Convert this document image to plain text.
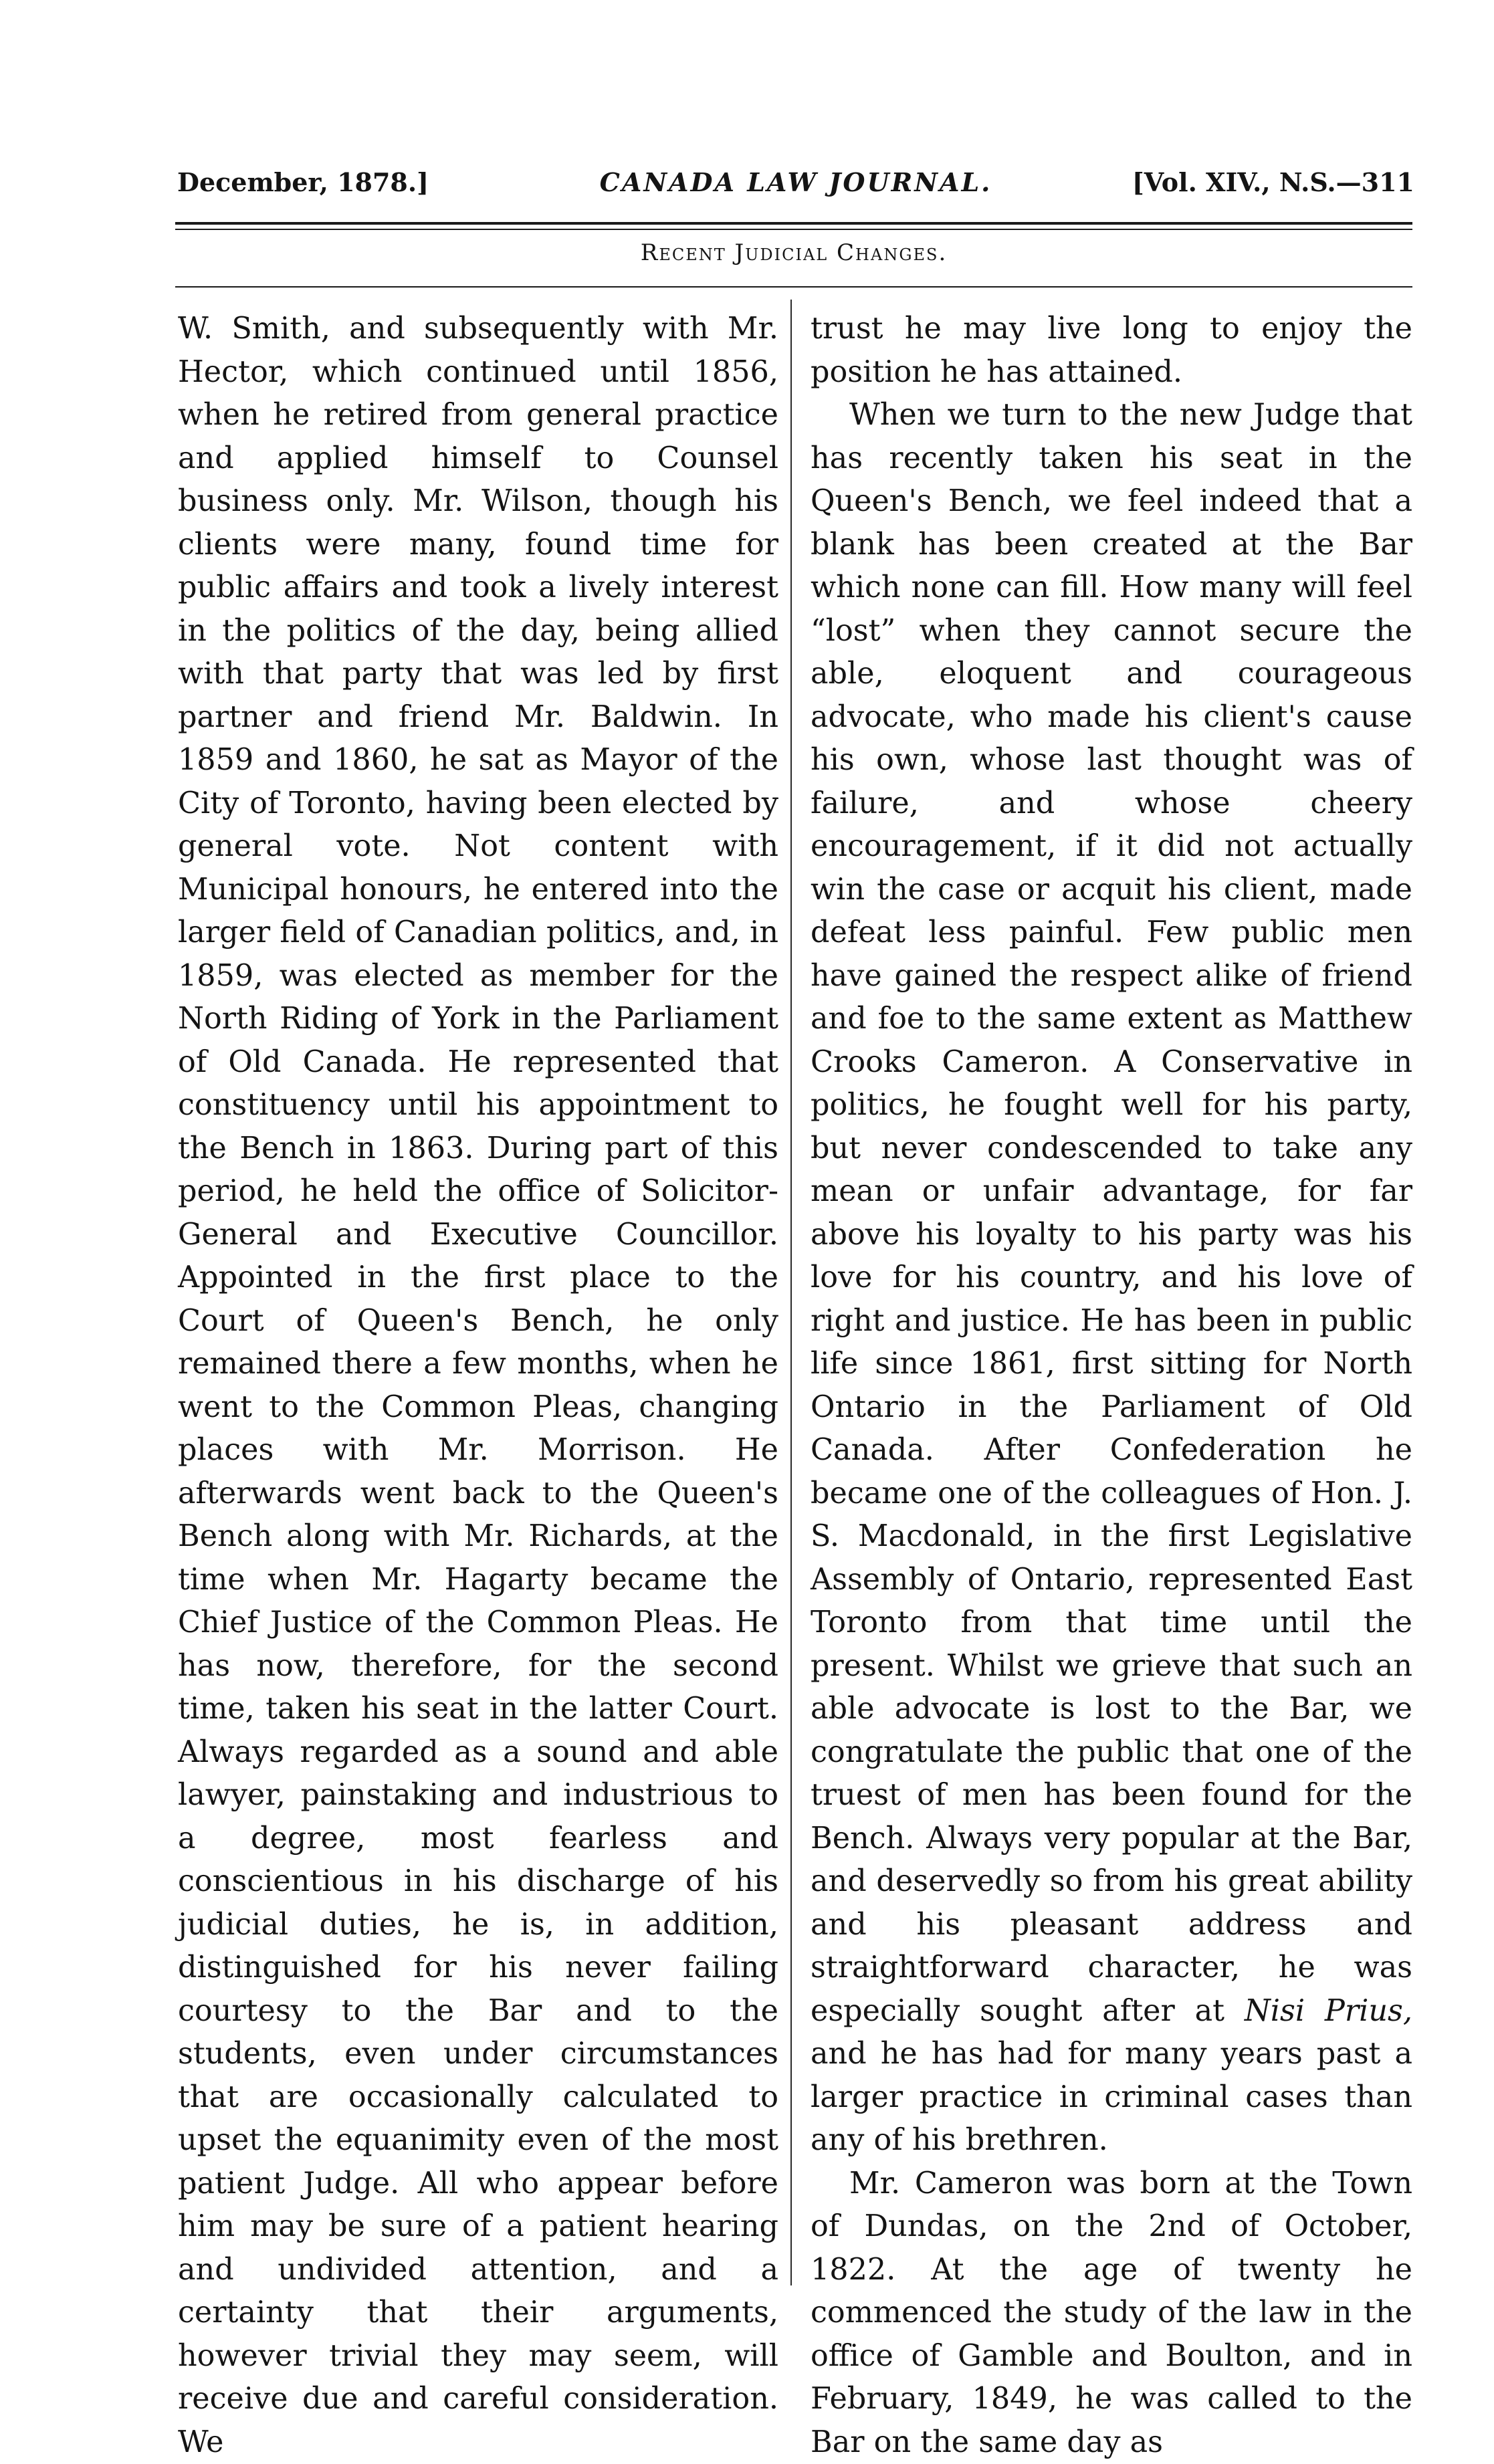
December, 1878.]	CANADA LAW JOURNAL.	[Vol. XIV., N.S.—311
Recent Judicial Changes.

W. Smith, and subsequently with Mr. Hector, which continued until 1856, when he retired from general practice and applied himself to Counsel business only. Mr. Wilson, though his clients were many, found time for public affairs and took a lively interest in the politics of the day, being allied with that party that was led by first partner and friend Mr. Baldwin. In 1859 and 1860, he sat as Mayor of the City of Toronto, having been elected by general vote. Not content with Municipal honours, he entered into the larger field of Canadian politics, and, in 1859, was elected as member for the North Riding of York in the Parliament of Old Canada. He represented that constituency until his appointment to the Bench in 1863. During part of this period, he held the office of Solicitor-General and Executive Councillor. Appointed in the first place to the Court of Queen's Bench, he only remained there a few months, when he went to the Common Pleas, changing places with Mr. Morrison. He afterwards went back to the Queen's Bench along with Mr. Richards, at the time when Mr. Hagarty became the Chief Justice of the Common Pleas. He has now, therefore, for the second time, taken his seat in the latter Court. Always regarded as a sound and able lawyer, painstaking and industrious to a degree, most fearless and conscientious in his discharge of his judicial duties, he is, in addition, distinguished for his never failing courtesy to the Bar and to the students, even under circumstances that are occasionally calculated to upset the equanimity even of the most patient Judge. All who appear before him may be sure of a patient hearing and undivided attention, and a certainty that their arguments, however trivial they may seem, will receive due and careful consideration. We

trust he may live long to enjoy the position he has attained.

When we turn to the new Judge that has recently taken his seat in the Queen's Bench, we feel indeed that a blank has been created at the Bar which none can fill. How many will feel “lost” when they cannot secure the able, eloquent and courageous advocate, who made his client's cause his own, whose last thought was of failure, and whose cheery encouragement, if it did not actually win the case or acquit his client, made defeat less painful. Few public men have gained the respect alike of friend and foe to the same extent as Matthew Crooks Cameron. A Conservative in politics, he fought well for his party, but never condescended to take any mean or unfair advantage, for far above his loyalty to his party was his love for his country, and his love of right and justice. He has been in public life since 1861, first sitting for North Ontario in the Parliament of Old Canada. After Confederation he became one of the colleagues of Hon. J. S. Macdonald, in the first Legislative Assembly of Ontario, represented East Toronto from that time until the present. Whilst we grieve that such an able advocate is lost to the Bar, we congratulate the public that one of the truest of men has been found for the Bench. Always very popular at the Bar, and deservedly so from his great ability and his pleasant address and straightforward character, he was especially sought after at Nisi Prius, and he has had for many years past a larger practice in criminal cases than any of his brethren.

Mr. Cameron was born at the Town of Dundas, on the 2nd of October, 1822. At the age of twenty he commenced the study of the law in the office of Gamble and Boulton, and in February, 1849, he was called to the Bar on the same day as
